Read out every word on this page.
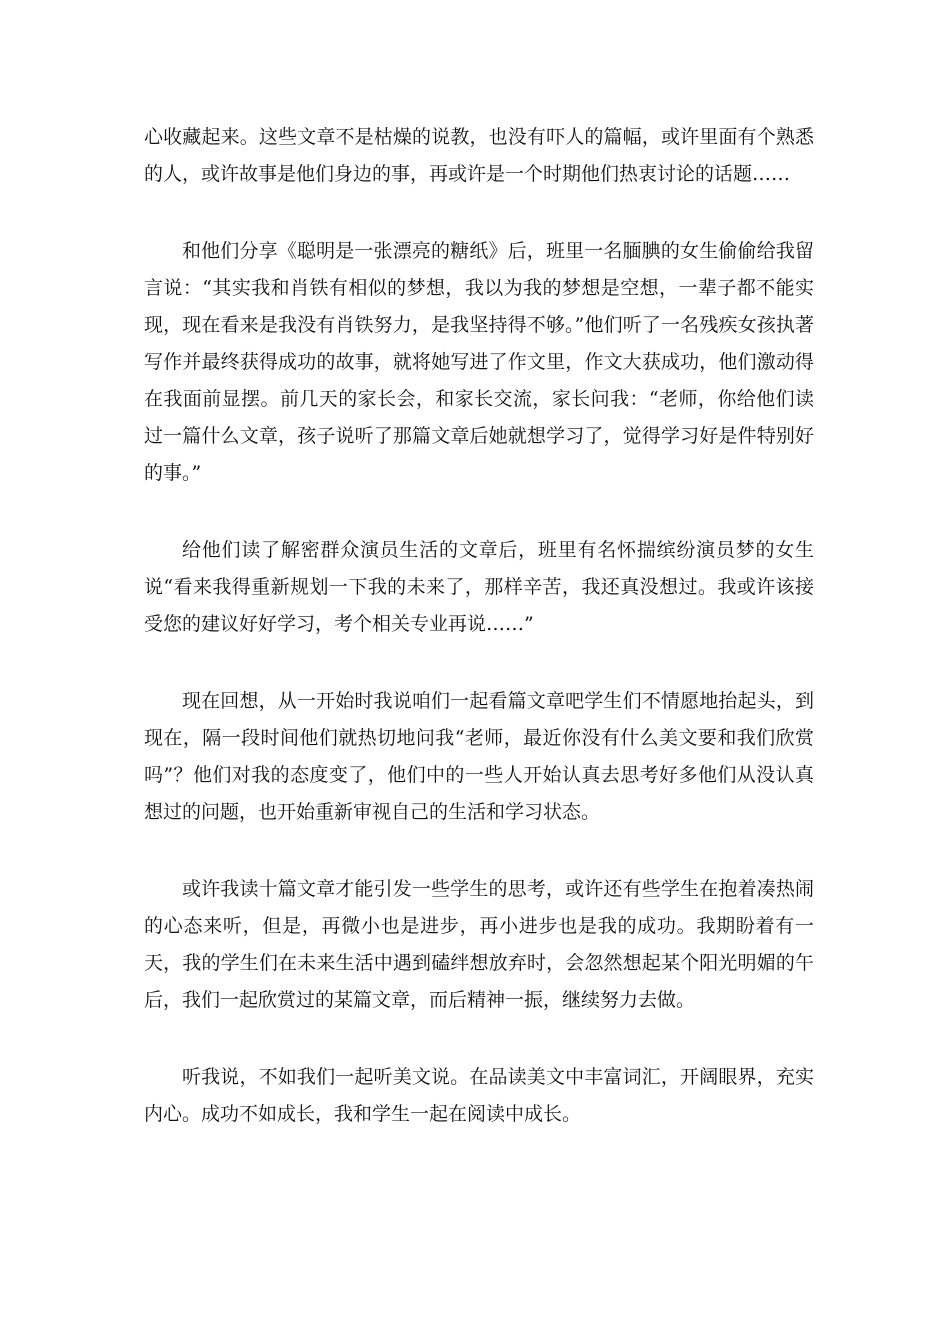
心收藏起来。这些文章不是枯燥的说教，也没有吓人的篇幅，或许里面有个熟悉的人，或许故事是他们身边的事，再或许是一个时期他们热衷讨论的话题……

和他们分享《聪明是一张漂亮的糖纸》后，班里一名腼腆的女生偷偷给我留言说：“其实我和肖铁有相似的梦想，我以为我的梦想是空想，一辈子都不能实现，现在看来是我没有肖铁努力，是我坚持得不够。”他们听了一名残疾女孩执著写作并最终获得成功的故事，就将她写进了作文里，作文大获成功，他们激动得在我面前显摆。前几天的家长会，和家长交流，家长问我：“老师，你给他们读过一篇什么文章，孩子说听了那篇文章后她就想学习了，觉得学习好是件特别好的事。”

给他们读了解密群众演员生活的文章后，班里有名怀揣缤纷演员梦的女生说“看来我得重新规划一下我的未来了，那样辛苦，我还真没想过。我或许该接受您的建议好好学习，考个相关专业再说……”

现在回想，从一开始时我说咱们一起看篇文章吧学生们不情愿地抬起头，到现在，隔一段时间他们就热切地问我“老师，最近你没有什么美文要和我们欣赏吗”？他们对我的态度变了，他们中的一些人开始认真去思考好多他们从没认真想过的问题，也开始重新审视自己的生活和学习状态。

或许我读十篇文章才能引发一些学生的思考，或许还有些学生在抱着凑热闹的心态来听，但是，再微小也是进步，再小进步也是我的成功。我期盼着有一天，我的学生们在未来生活中遇到磕绊想放弃时，会忽然想起某个阳光明媚的午后，我们一起欣赏过的某篇文章，而后精神一振，继续努力去做。

听我说，不如我们一起听美文说。在品读美文中丰富词汇，开阔眼界，充实内心。成功不如成长，我和学生一起在阅读中成长。
